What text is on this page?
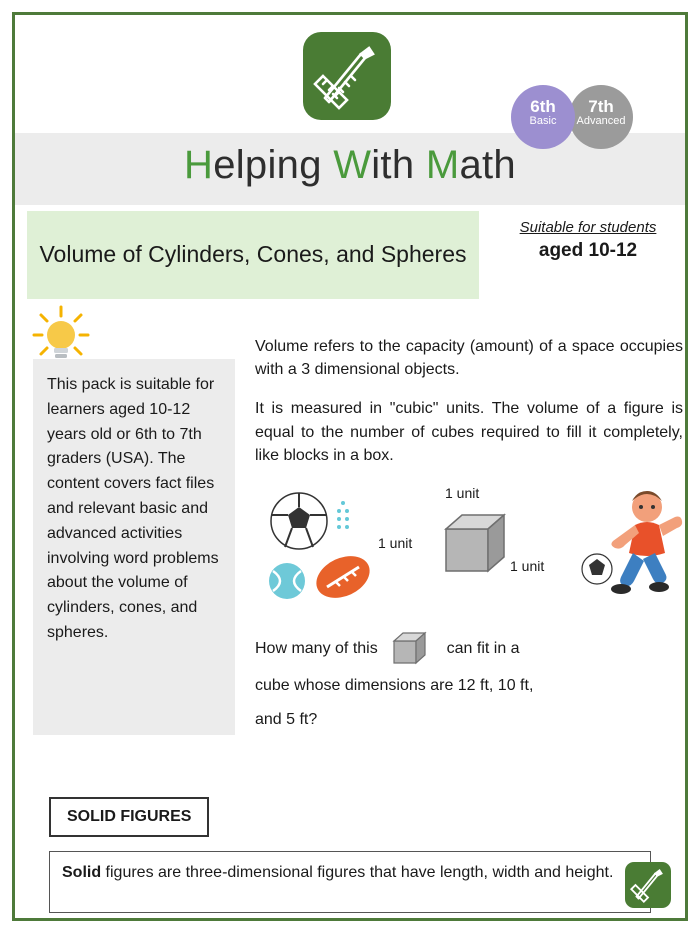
7th
Advanced
6th
Basic
Helping With Math
Volume of Cylinders, Cones, and Spheres
Suitable for students
aged 10-12
This pack is suitable for learners aged 10-12 years old or 6th to 7th graders (USA). The content covers fact files and relevant basic and advanced activities involving word problems about the volume of cylinders, cones, and spheres.

Volume refers to the capacity (amount) of a space occupies with a 3 dimensional objects.

It is measured in "cubic" units. The volume of a figure is equal to the number of cubes required to fill it completely, like blocks in a box.

1 unit
1 unit
1 unit
How many of this	can fit in a
cube whose dimensions are 12 ft, 10 ft,
and 5 ft?
SOLID FIGURES
Solid figures are three-dimensional figures that have length, width and height.
